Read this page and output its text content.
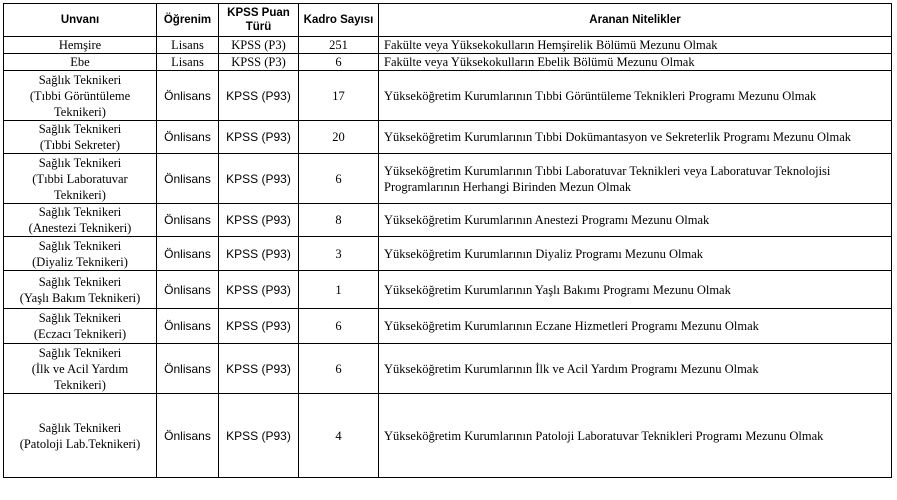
Unvanı	Öğrenim	KPSS Puan Türü	Kadro Sayısı	Aranan Nitelikler
Hemşire	Lisans	KPSS (P3)	251	Fakülte veya Yüksekokulların Hemşirelik Bölümü Mezunu Olmak
Ebe	Lisans	KPSS (P3)	6	Fakülte veya Yüksekokulların Ebelik Bölümü Mezunu Olmak
Sağlık Teknikeri
(Tıbbi Görüntüleme
Teknikeri)	Önlisans	KPSS (P93)	17	Yükseköğretim Kurumlarının Tıbbi Görüntüleme Teknikleri Programı Mezunu Olmak
Sağlık Teknikeri
(Tıbbi Sekreter)	Önlisans	KPSS (P93)	20	Yükseköğretim Kurumlarının Tıbbi Dokümantasyon ve Sekreterlik Programı Mezunu Olmak
Sağlık Teknikeri
(Tıbbi Laboratuvar
Teknikeri)	Önlisans	KPSS (P93)	6	Yükseköğretim Kurumlarının Tıbbi Laboratuvar Teknikleri veya Laboratuvar Teknolojisi
Programlarının Herhangi Birinden Mezun Olmak
Sağlık Teknikeri
(Anestezi Teknikeri)	Önlisans	KPSS (P93)	8	Yükseköğretim Kurumlarının Anestezi Programı Mezunu Olmak
Sağlık Teknikeri
(Diyaliz Teknikeri)	Önlisans	KPSS (P93)	3	Yükseköğretim Kurumlarının Diyaliz Programı Mezunu Olmak
Sağlık Teknikeri
(Yaşlı Bakım Teknikeri)	Önlisans	KPSS (P93)	1	Yükseköğretim Kurumlarının Yaşlı Bakımı Programı Mezunu Olmak
Sağlık Teknikeri
(Eczacı Teknikeri)	Önlisans	KPSS (P93)	6	Yükseköğretim Kurumlarının Eczane Hizmetleri Programı Mezunu Olmak
Sağlık Teknikeri
(İlk ve Acil Yardım
Teknikeri)	Önlisans	KPSS (P93)	6	Yükseköğretim Kurumlarının İlk ve Acil Yardım Programı Mezunu Olmak
Sağlık Teknikeri
(Patoloji Lab.Teknikeri)	Önlisans	KPSS (P93)	4	Yükseköğretim Kurumlarının Patoloji Laboratuvar Teknikleri Programı Mezunu Olmak
